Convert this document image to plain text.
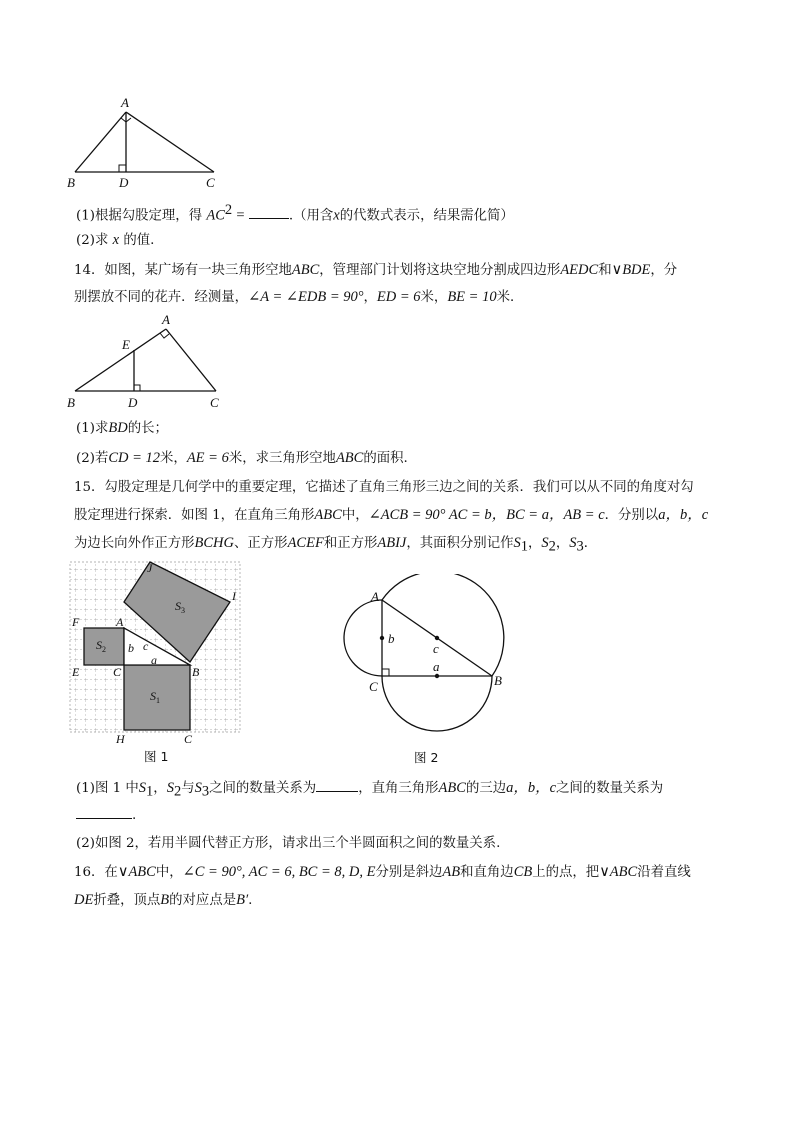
A
B	D	C
(1)根据勾股定理，得 $AC^2$ =	.（用含x的代数式表示，结果需化简）
(2)求 x 的值.
14．如图，某广场有一块三角形空地ABC，管理部门计划将这块空地分割成四边形AEDC和∨BDE，分
别摆放不同的花卉．经测量，∠A = ∠EDB = 90°，ED = 6米，BE = 10米．
A
E
B	D	C
(1)求BD的长；
(2)若CD = 12米，AE = 6米，求三角形空地ABC的面积.
15．勾股定理是几何学中的重要定理，它描述了直角三角形三边之间的关系．我们可以从不同的角度对勾
股定理进行探索．如图 1，在直角三角形ABC中，∠ACB = 90° AC = b，BC = a，AB = c．分别以a，b，c
为边长向外作正方形BCHG、正方形ACEF和正方形ABIJ，其面积分别记作$S_1$，$S_2$，$S_3$．
J
I
F	A
$S_3$
$S_2$ b c
a
E	C	B
$S_1$
H	C
图 1
A
b
c
a
C	B
图 2
(1)图 1 中$S_1$，$S_2$与$S_3$之间的数量关系为	，直角三角形ABC的三边a，b，c之间的数量关系为
.
(2)如图 2，若用半圆代替正方形，请求出三个半圆面积之间的数量关系.
16．在∨ABC中，∠C = 90°, AC = 6, BC = 8, D, E分别是斜边AB和直角边CB上的点，把∨ABC沿着直线
DE折叠，顶点B的对应点是B′.
